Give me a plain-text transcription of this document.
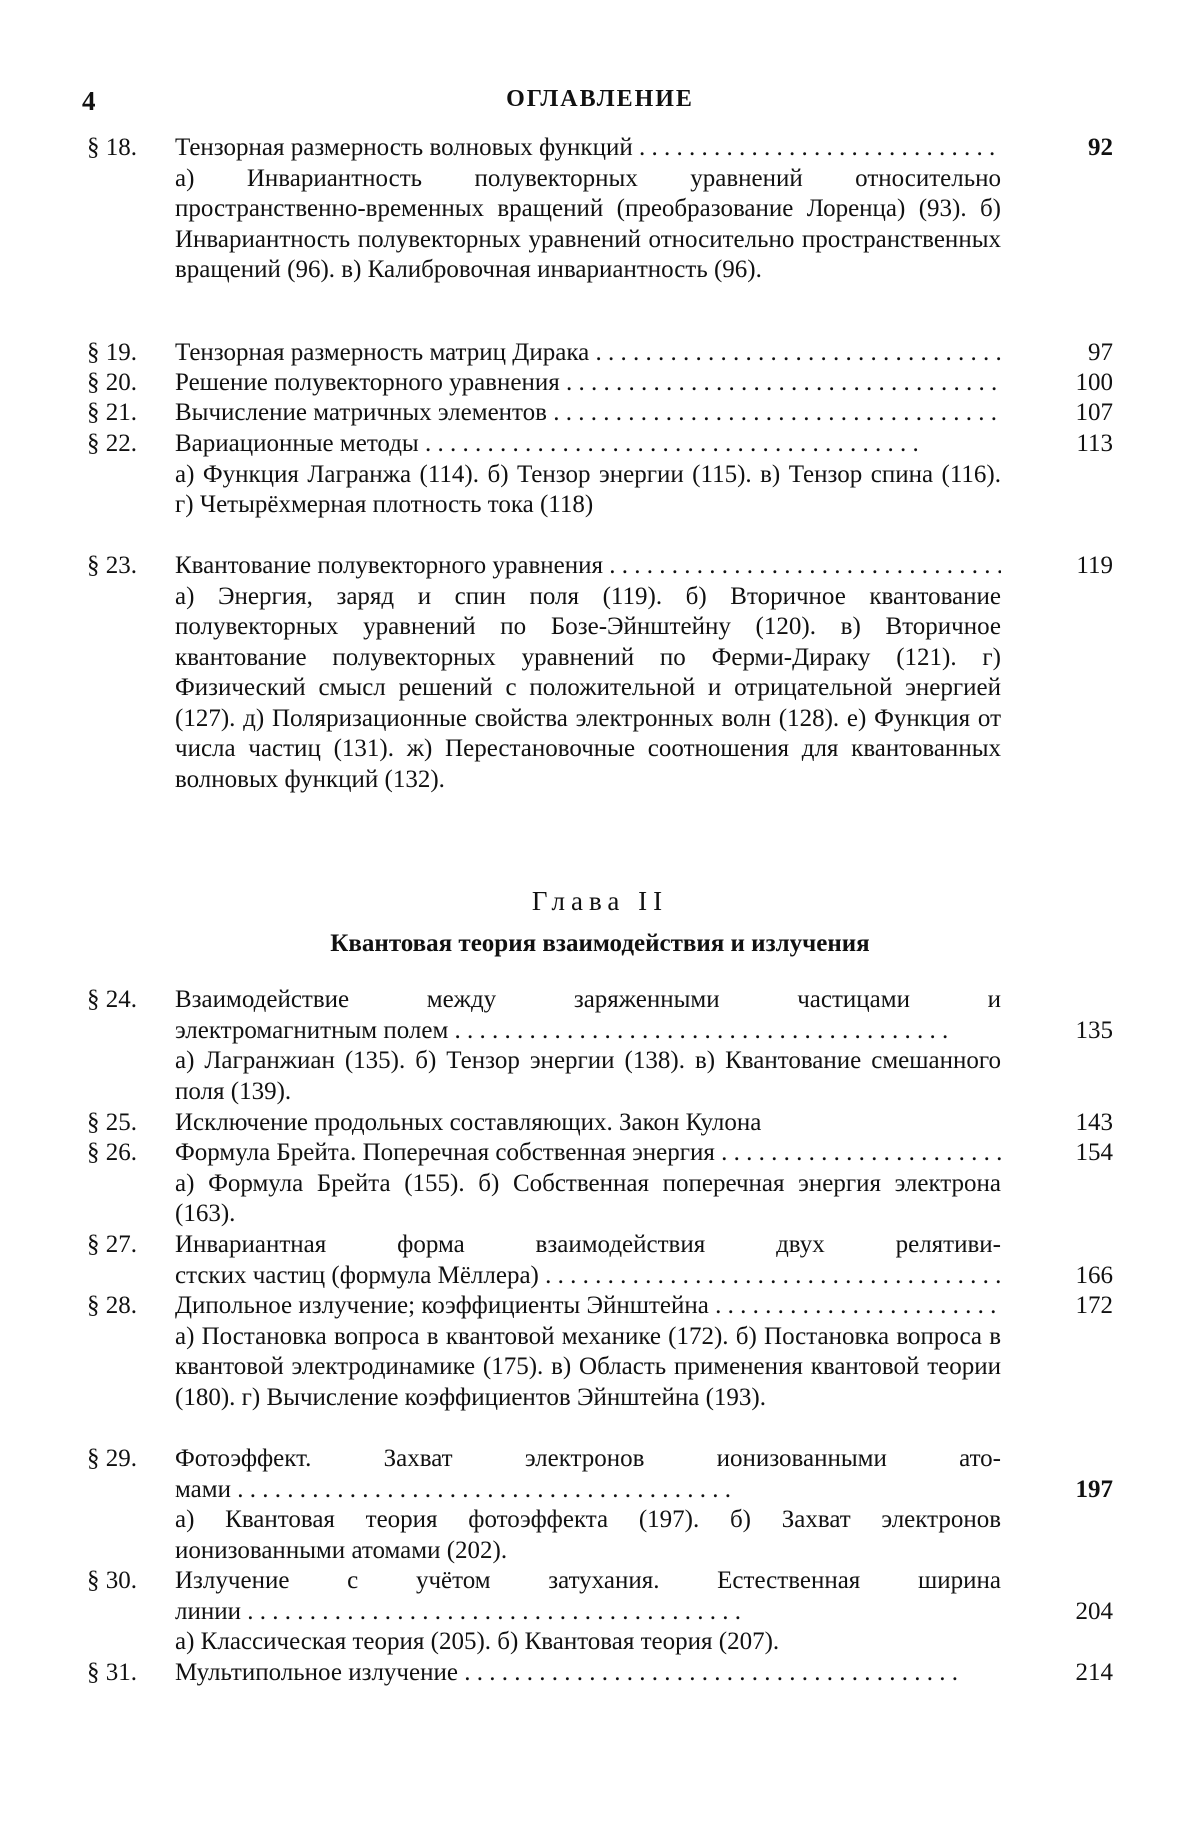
4	ОГЛАВЛЕНИЕ
§ 18. Тензорная размерность волновых функций . . .	92
а) Инвариантность полувекторных уравнений относительно пространственно-временных вращений (преобразование Лоренца) (93). б) Инвариантность полувекторных уравнений относительно пространственных вращений (96). в) Калибровочная инвариантность (96).
§ 19. Тензорная размерность матриц Дирака . . .	97
§ 20. Решение полувекторного уравнения . . .	100
§ 21. Вычисление матричных элементов . . .	107
§ 22. Вариационные методы . . .	113
а) Функция Лагранжа (114). б) Тензор энергии (115). в) Тензор спина (116). г) Четырёхмерная плотность тока (118)
§ 23. Квантование полувекторного уравнения . . .	119
а) Энергия, заряд и спин поля (119). б) Вторичное квантование полувекторных уравнений по Бозе-Эйнштейну (120). в) Вторичное квантование полувекторных уравнений по Ферми-Дираку (121). г) Физический смысл решений с положительной и отрицательной энергией (127). д) Поляризационные свойства электронных волн (128). е) Функция от числа частиц (131). ж) Перестановочные соотношения для квантованных волновых функций (132).
Глава II
Квантовая теория взаимодействия и излучения
§ 24. Взаимодействие между заряженными частицами и
электромагнитным полем . . .	135
а) Лагранжиан (135). б) Тензор энергии (138). в) Квантование смешанного поля (139).
§ 25. Исключение продольных составляющих. Закон Кулона	143
§ 26. Формула Брейта. Поперечная собственная энергия . . .	154
а) Формула Брейта (155). б) Собственная поперечная энергия электрона (163).
§ 27. Инвариантная форма взаимодействия двух релятиви-
стских частиц (формула Мёллера) . . .	166
§ 28. Дипольное излучение; коэффициенты Эйнштейна . . .	172
а) Постановка вопроса в квантовой механике (172). б) Постановка вопроса в квантовой электродинамике (175). в) Область применения квантовой теории (180). г) Вычисление коэффициентов Эйнштейна (193).
§ 29. Фотоэффект. Захват электронов ионизованными ато-
мами . . .	197
а) Квантовая теория фотоэффекта (197). б) Захват электронов ионизованными атомами (202).
§ 30. Излучение с учётом затухания. Естественная ширина
линии . . .	204
а) Классическая теория (205). б) Квантовая теория (207).
§ 31. Мультипольное излучение . . .	214
